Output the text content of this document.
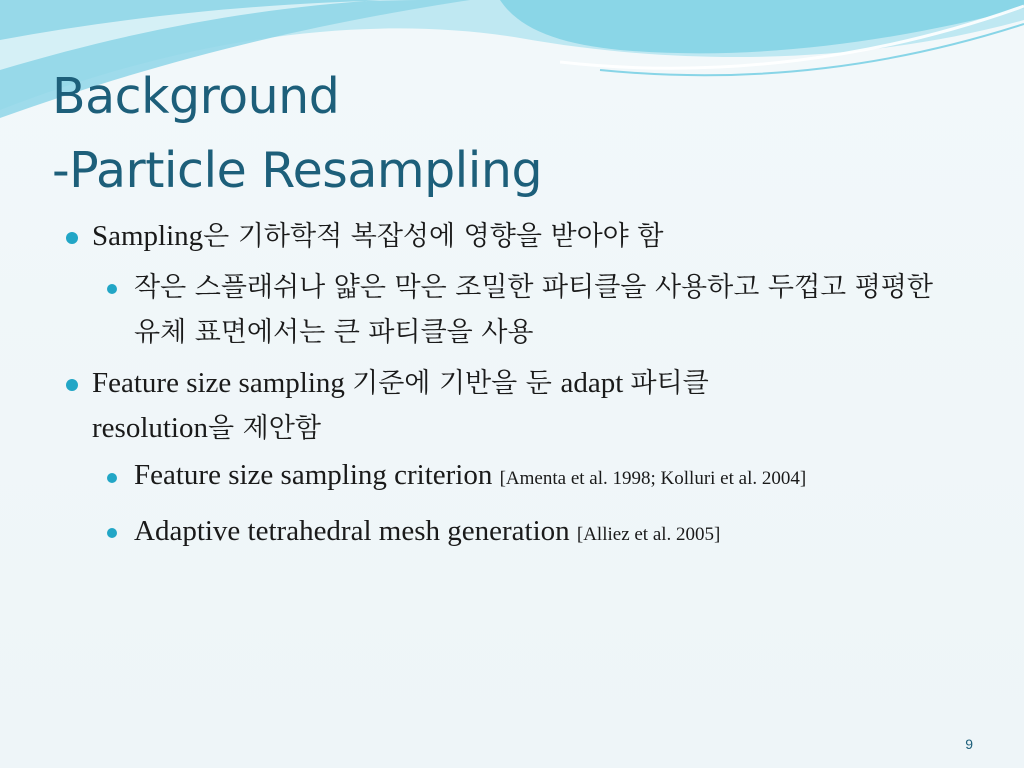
Background
-Particle Resampling
Sampling은 기하학적 복잡성에 영향을 받아야 함
작은 스플래쉬나 얇은 막은 조밀한 파티클을 사용하고 두껍고 평평한 유체 표면에서는 큰 파티클을 사용
Feature size sampling 기준에 기반을 둔 adapt 파티클
resolution을 제안함
Feature size sampling criterion [Amenta et al. 1998; Kolluri et al. 2004]
Adaptive tetrahedral mesh generation [Alliez et al. 2005]
9
